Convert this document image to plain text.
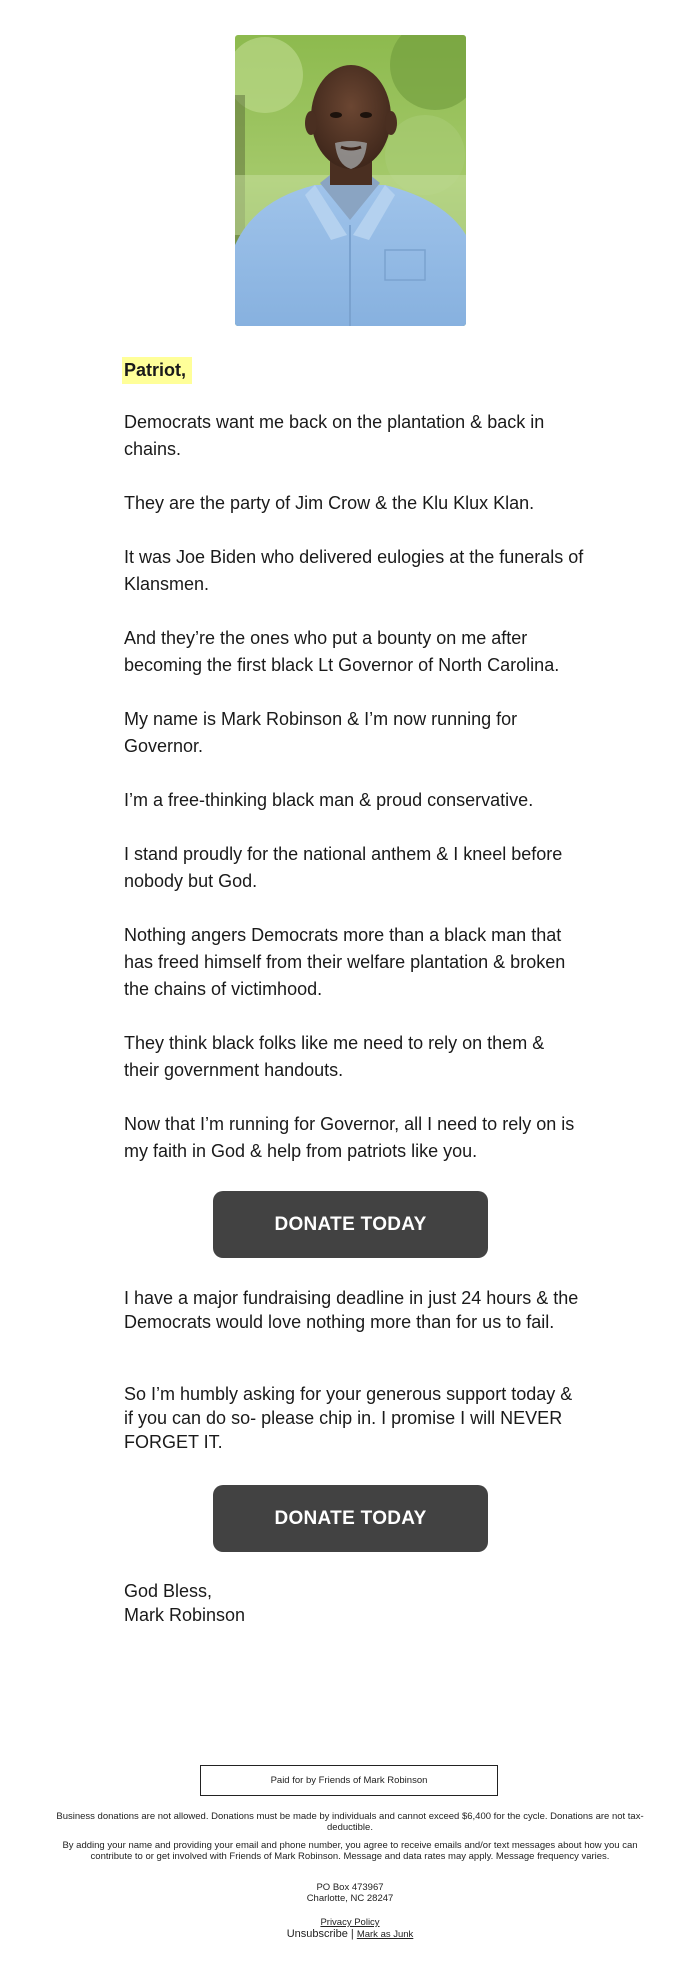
Patriot,
Democrats want me back on the plantation & back in chains.
They are the party of Jim Crow & the Klu Klux Klan.
It was Joe Biden who delivered eulogies at the funerals of Klansmen.
And they’re the ones who put a bounty on me after becoming the first black Lt Governor of North Carolina.
My name is Mark Robinson & I’m now running for Governor.
I’m a free-thinking black man & proud conservative.
I stand proudly for the national anthem & I kneel before nobody but God.
Nothing angers Democrats more than a black man that has freed himself from their welfare plantation & broken the chains of victimhood.
They think black folks like me need to rely on them & their government handouts.
Now that I’m running for Governor, all I need to rely on is my faith in God & help from patriots like you.
DONATE TODAY
I have a major fundraising deadline in just 24 hours & the Democrats would love nothing more than for us to fail.
So I’m humbly asking for your generous support today & if you can do so- please chip in. I promise I will NEVER FORGET IT.
DONATE TODAY
God Bless,
Mark Robinson
Paid for by Friends of Mark Robinson
Business donations are not allowed. Donations must be made by individuals and cannot exceed $6,400 for the cycle. Donations are not tax-deductible.
By adding your name and providing your email and phone number, you agree to receive emails and/or text messages about how you can contribute to or get involved with Friends of Mark Robinson. Message and data rates may apply. Message frequency varies.
PO Box 473967
Charlotte, NC 28247
Privacy Policy
Unsubscribe | Mark as Junk
